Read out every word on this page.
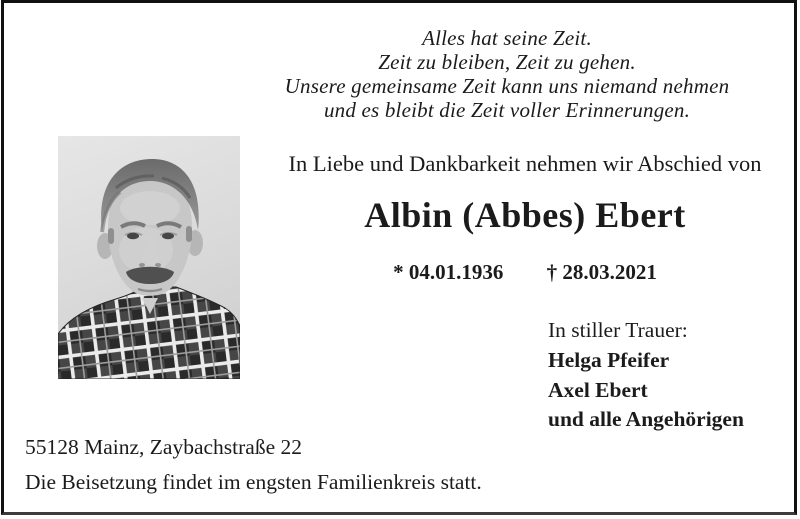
Alles hat seine Zeit.
Zeit zu bleiben, Zeit zu gehen.
Unsere gemeinsame Zeit kann uns niemand nehmen
und es bleibt die Zeit voller Erinnerungen.
In Liebe und Dankbarkeit nehmen wir Abschied von
Albin (Abbes) Ebert
* 04.01.1936 † 28.03.2021
In stiller Trauer:
Helga Pfeifer
Axel Ebert
und alle Angehörigen
55128 Mainz, Zaybachstraße 22
Die Beisetzung findet im engsten Familienkreis statt.
